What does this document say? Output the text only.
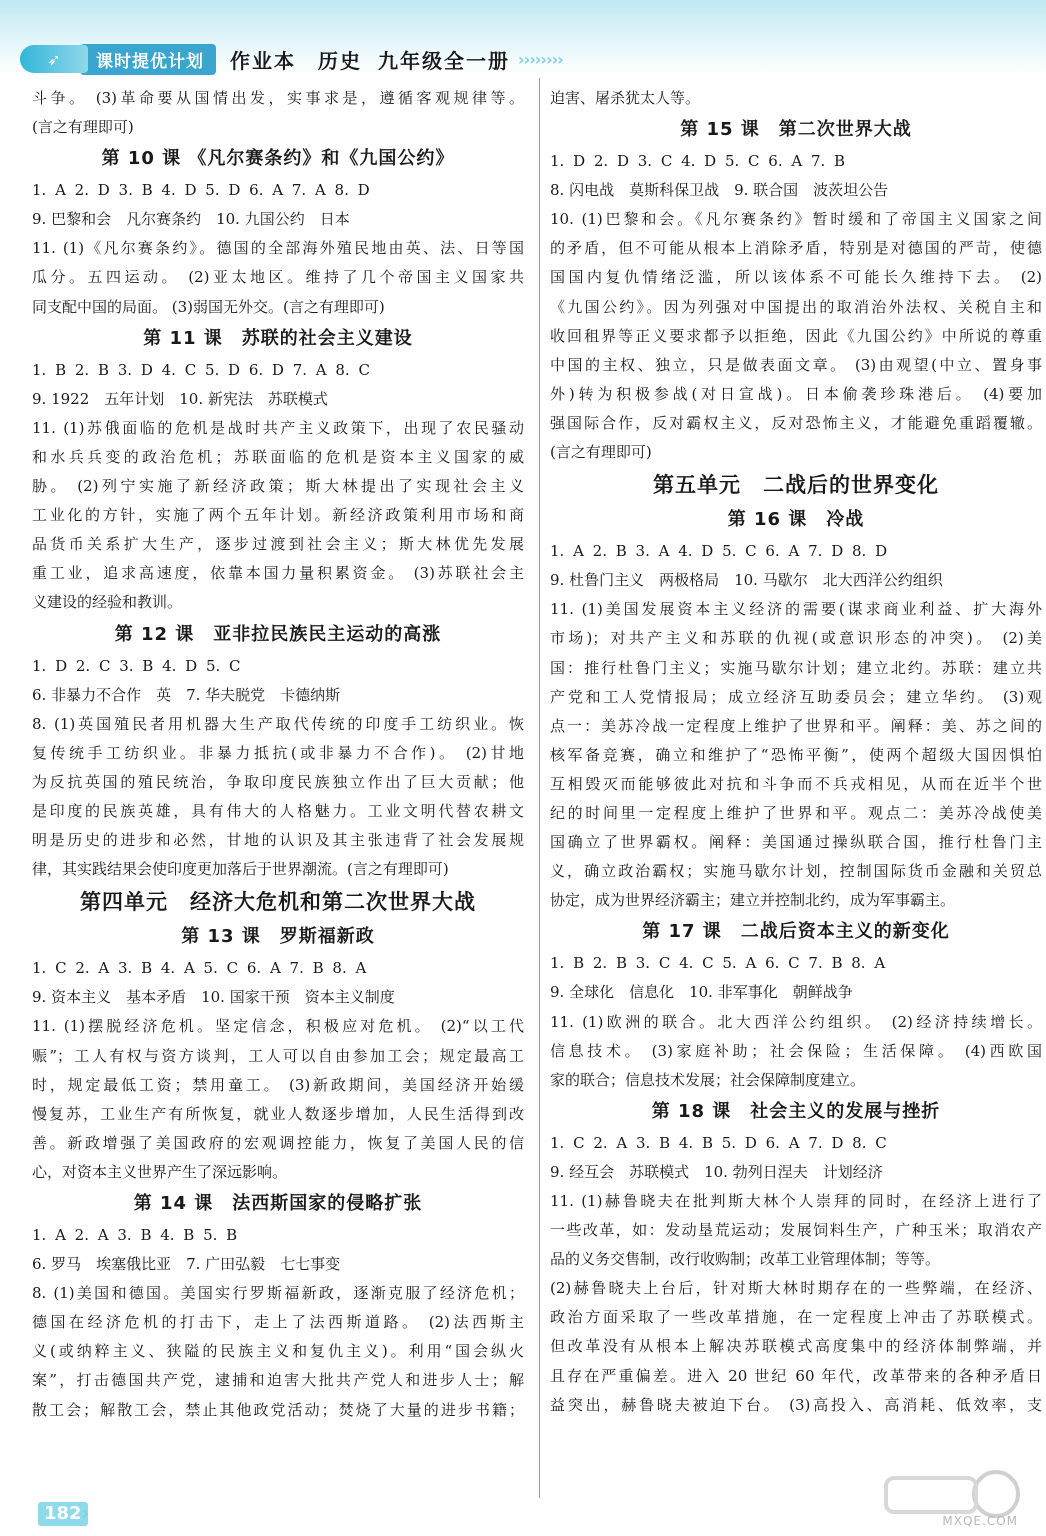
➶	课时提优计划	作业本 历史 九年级全一册 ››››››››
斗争。 (3)革命要从国情出发，实事求是，遵循客观规律等。
(言之有理即可)
第 10 课 《凡尔赛条约》和《九国公约》
1. A 2. D 3. B 4. D 5. D 6. A 7. A 8. D
9. 巴黎和会　凡尔赛条约　10. 九国公约　日本
11. (1)《凡尔赛条约》。德国的全部海外殖民地由英、法、日等国
瓜分。五四运动。 (2)亚太地区。维持了几个帝国主义国家共
同支配中国的局面。 (3)弱国无外交。(言之有理即可)
第 11 课　苏联的社会主义建设
1. B 2. B 3. D 4. C 5. D 6. D 7. A 8. C
9. 1922　五年计划　10. 新宪法　苏联模式
11. (1)苏俄面临的危机是战时共产主义政策下，出现了农民骚动
和水兵兵变的政治危机；苏联面临的危机是资本主义国家的威
胁。 (2)列宁实施了新经济政策；斯大林提出了实现社会主义
工业化的方针，实施了两个五年计划。新经济政策利用市场和商
品货币关系扩大生产，逐步过渡到社会主义；斯大林优先发展
重工业，追求高速度，依靠本国力量积累资金。 (3)苏联社会主
义建设的经验和教训。
第 12 课　亚非拉民族民主运动的高涨
1. D 2. C 3. B 4. D 5. C
6. 非暴力不合作　英　7. 华夫脱党　卡德纳斯
8. (1)英国殖民者用机器大生产取代传统的印度手工纺织业。恢
复传统手工纺织业。非暴力抵抗(或非暴力不合作)。 (2)甘地
为反抗英国的殖民统治，争取印度民族独立作出了巨大贡献；他
是印度的民族英雄，具有伟大的人格魅力。工业文明代替农耕文
明是历史的进步和必然，甘地的认识及其主张违背了社会发展规
律，其实践结果会使印度更加落后于世界潮流。(言之有理即可)
第四单元　经济大危机和第二次世界大战
第 13 课　罗斯福新政
1. C 2. A 3. B 4. A 5. C 6. A 7. B 8. A
9. 资本主义　基本矛盾　10. 国家干预　资本主义制度
11. (1)摆脱经济危机。坚定信念，积极应对危机。 (2)“以工代
赈”；工人有权与资方谈判，工人可以自由参加工会；规定最高工
时，规定最低工资；禁用童工。 (3)新政期间，美国经济开始缓
慢复苏，工业生产有所恢复，就业人数逐步增加，人民生活得到改
善。新政增强了美国政府的宏观调控能力，恢复了美国人民的信
心，对资本主义世界产生了深远影响。
第 14 课　法西斯国家的侵略扩张
1. A 2. A 3. B 4. B 5. B
6. 罗马　埃塞俄比亚　7. 广田弘毅　七七事变
8. (1)美国和德国。美国实行罗斯福新政，逐渐克服了经济危机；
德国在经济危机的打击下，走上了法西斯道路。 (2)法西斯主
义(或纳粹主义、狭隘的民族主义和复仇主义)。利用“国会纵火
案”，打击德国共产党，逮捕和迫害大批共产党人和进步人士；解
散工会；解散工会，禁止其他政党活动；焚烧了大量的进步书籍；
迫害、屠杀犹太人等。
第 15 课　第二次世界大战
1. D 2. D 3. C 4. D 5. C 6. A 7. B
8. 闪电战　莫斯科保卫战　9. 联合国　波茨坦公告
10. (1)巴黎和会。《凡尔赛条约》暂时缓和了帝国主义国家之间
的矛盾，但不可能从根本上消除矛盾，特别是对德国的严苛，使德
国国内复仇情绪泛滥，所以该体系不可能长久维持下去。 (2)
《九国公约》。因为列强对中国提出的取消治外法权、关税自主和
收回租界等正义要求都予以拒绝，因此《九国公约》中所说的尊重
中国的主权、独立，只是做表面文章。 (3)由观望(中立、置身事
外)转为积极参战(对日宣战)。日本偷袭珍珠港后。 (4)要加
强国际合作，反对霸权主义，反对恐怖主义，才能避免重蹈覆辙。
(言之有理即可)
第五单元　二战后的世界变化
第 16 课　冷战
1. A 2. B 3. A 4. D 5. C 6. A 7. D 8. D
9. 杜鲁门主义　两极格局　10. 马歇尔　北大西洋公约组织
11. (1)美国发展资本主义经济的需要(谋求商业利益、扩大海外
市场)；对共产主义和苏联的仇视(或意识形态的冲突)。 (2)美
国：推行杜鲁门主义；实施马歇尔计划；建立北约。苏联：建立共
产党和工人党情报局；成立经济互助委员会；建立华约。 (3)观
点一：美苏冷战一定程度上维护了世界和平。阐释：美、苏之间的
核军备竞赛，确立和维护了“恐怖平衡”，使两个超级大国因惧怕
互相毁灭而能够彼此对抗和斗争而不兵戎相见，从而在近半个世
纪的时间里一定程度上维护了世界和平。观点二：美苏冷战使美
国确立了世界霸权。阐释：美国通过操纵联合国，推行杜鲁门主
义，确立政治霸权；实施马歇尔计划，控制国际货币金融和关贸总
协定，成为世界经济霸主；建立并控制北约，成为军事霸主。
第 17 课　二战后资本主义的新变化
1. B 2. B 3. C 4. C 5. A 6. C 7. B 8. A
9. 全球化　信息化　10. 非军事化　朝鲜战争
11. (1)欧洲的联合。北大西洋公约组织。 (2)经济持续增长。
信息技术。 (3)家庭补助；社会保险；生活保障。 (4)西欧国
家的联合；信息技术发展；社会保障制度建立。
第 18 课　社会主义的发展与挫折
1. C 2. A 3. B 4. B 5. D 6. A 7. D 8. C
9. 经互会　苏联模式　10. 勃列日涅夫　计划经济
11. (1)赫鲁晓夫在批判斯大林个人崇拜的同时，在经济上进行了
一些改革，如：发动垦荒运动；发展饲料生产，广种玉米；取消农产
品的义务交售制，改行收购制；改革工业管理体制；等等。
(2)赫鲁晓夫上台后，针对斯大林时期存在的一些弊端，在经济、
政治方面采取了一些改革措施，在一定程度上冲击了苏联模式。
但改革没有从根本上解决苏联模式高度集中的经济体制弊端，并
且存在严重偏差。进入 20 世纪 60 年代，改革带来的各种矛盾日
益突出，赫鲁晓夫被迫下台。 (3)高投入、高消耗、低效率，支
182 ›	MXQE.COM
